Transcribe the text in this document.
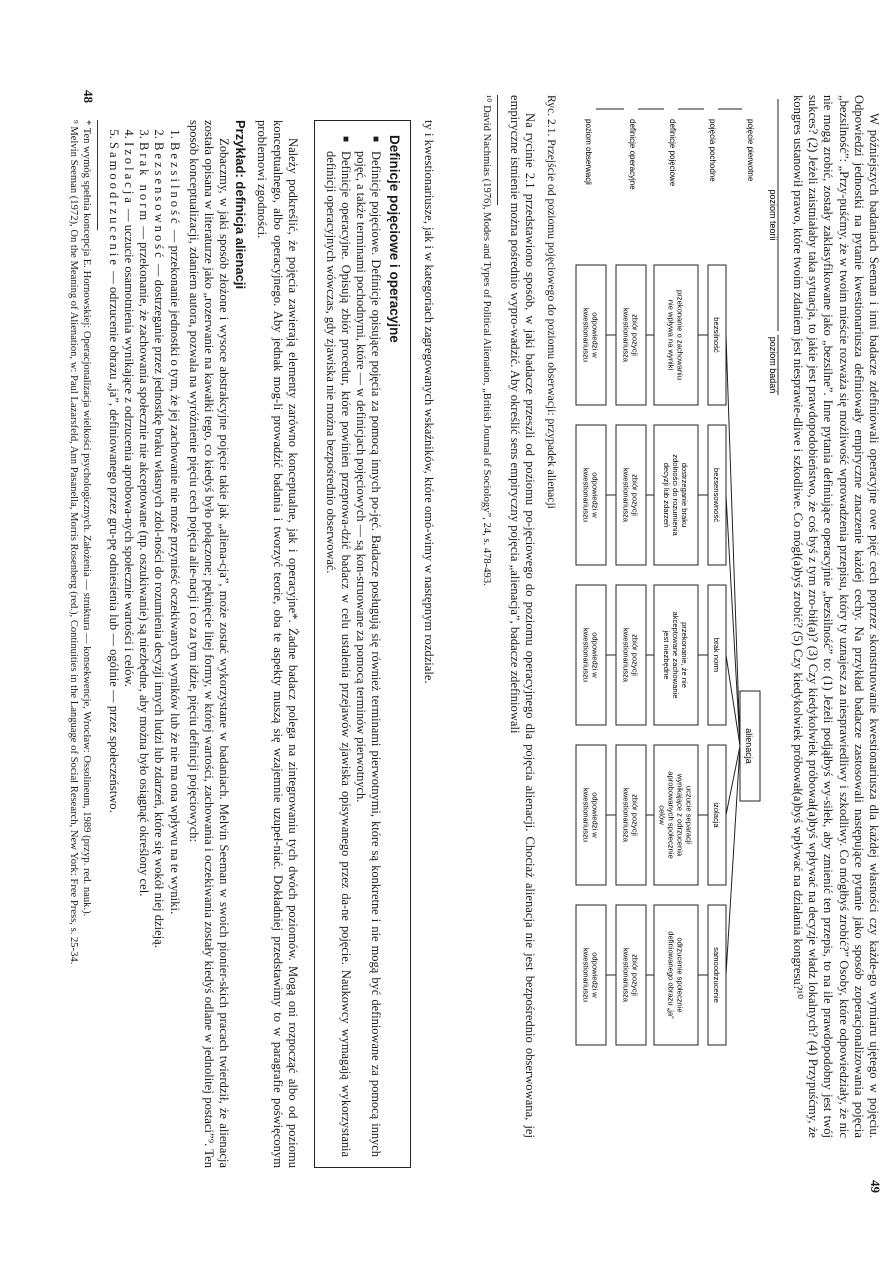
48

ty i kwestionariusze, jak i w kategoriach zagregowanych wskaźników, które omó-wimy w następnym rozdziale.

Definicje pojęciowe i operacyjne
■ Definicje pojęciowe. Definicje opisujące pojęcia za pomocą innych po-jęć. Badacze posługują się również terminami pierwotnymi, które są konkretne i nie mogą być definiowane za pomocą innych pojęć, a także terminami pochodnymi, które — w definicjach pojęciowych — są kon-struowane za pomocą terminów pierwotnych.
■ Definicje operacyjne. Opisują zbiór procedur, które powinien przeprowa-dzić badacz w celu ustalenia przejawów zjawiska opisywanego przez da-ne pojęcie. Naukowcy wymagają wykorzystania definicji operacyjnych wówczas, gdy zjawiska nie można bezpośrednio obserwować.

Należy podkreślić, że pojęcia zawierają elementy zarówno konceptualne, jak i operacyjne*. Żadne badacz polega na zintegrowaniu tych dwóch poziomów. Mogą oni rozpocząć albo od poziomu konceptualnego, albo operacyjnego. Aby jednak mog-li prowadzić badania i tworzyć teorie, oba te aspekty muszą się wzajemnie uzupeł-niać. Dokładniej przedstawimy to w paragrafie poświęconym problemowi zgodności.

Przykład: definicja alienacji

Zobaczmy, w jaki sposób złożone i wysoce abstrakcyjne pojęcie takie jak „aliena-cja”, może zostać wykorzystane w badaniach. Melvin Seeman w swoich pionier-skich pracach twierdził, że alienacja została opisana w literaturze jako „rozerwanie na kawałki tego, co kiedyś było połączone; pęknięcie litej formy, w której wartości, zachowania i oczekiwania zostały kiedyś odlane w jednolitej postaci”⁹. Ten sposób konceptualizacji, zdaniem autora, pozwala na wyróżnienie pięciu cech pojęcia alie-nacji i co za tym idzie, pięciu definicji pojęciowych:

1. Bezsilność — przekonanie jednostki o tym, że jej zachowanie nie może przynieść oczekiwanych wyników lub że nie ma ona wpływu na te wyniki.
2. Bezsensowność — dostrzeganie przez jednostkę braku własnych zdol-ności do rozumienia decyzji innych ludzi lub zdarzeń, które się wokół niej dzieją.
3. Brak norm — przekonanie, że zachowania społecznie nie akceptowane (np. oszukiwanie) są niezbędne, aby można było osiągnąć określony cel.
4. Izolacja — uczucie osamotnienia wynikające z odrzucenia aprobowa-nych społecznie wartości i celów.
5. Samoodrzucenie — odrzucenie obrazu „ja”, definiowanego przez gru-pę odniesienia lub — ogólnie — przez społeczeństwo.

* Ten wymóg spełnia koncepcja E. Hornowskiej: Operacjonalizacja wielkości psychologicznych. Założenia — struktura — konsekwencje, Wrocław: Ossolineum, 1989 (przyp. red. nauk.).

⁹ Melvin Seeman (1972), On the Meaning of Alienation, w: Paul Lazarsfeld, Ann Pasanella, Morris Rosenberg (red.), Continuities in the Language of Social Research, New York: Free Press, s. 25-34.

49

W późniejszych badaniach Seeman i inni badacze zdefiniowali operacyjne owe pięć cech poprzez skonstruowanie kwestionariusza dla każdej własności czy każde-go wymiaru ujętego w pojęciu. Odpowiedzi jednostki na pytanie kwestionariusza definiowały empiryczne znaczenie każdej cechy. Na przykład badacze zastosowali następujące pytanie jako sposób zoperacjonalizowania pojęcia „bezsilność”: „Przy-puśćmy, że w twoim mieście rozważa się możliwość wprowadzenia przepisu, który ty uznajesz za niesprawiedliwy i szkodliwy. Co mógłbyś zrobić?” Osoby, które odpowiedziały, że nic nie mogą zrobić, zostały zaklasyfikowane jako „bezsilne”. Inne pytania definiujące operacyjnie „bezsilność” to: (1) Jeżeli podjąłbyś wy-siłek, aby zmienić ten przepis, to na ile prawdopodobny jest twój sukces? (2) Jeżeli zaistniałaby taka sytuacja, to jakie jest prawdopodobieństwo, że coś byś z tym zro-bił(a)? (3) Czy kiedykolwiek próbował(a)byś wpływać na decyzje władz lokalnych? (4) Przypuśćmy, że kongres ustanowił prawo, które twoim zdaniem jest niesprawie-dliwe i szkodliwe. Co mógł(a)byś zrobić? (5) Czy kiedykolwiek próbował(a)byś wpływać na działania kongresu?¹⁰

poziom teorii
poziom badań
pojęcie pierwotne
pojęcia pochodne
definicje pojęciowe
definicje operacyjne
poziom obserwacji
alienacja
bezsilność
przekonanie o zachowaniunie wpływa na wyniki
zbiór pozycjikwestionariusza
odpowiedzi wkwestionariuszu
bezsensowność
dostrzeganie brakuzdolności do rozumieniadecyzji lub zdarzeń
zbiór pozycjikwestionariusza
odpowiedzi wkwestionariuszu
brak norm
przekonanie, że nieakceptowane zachowaniejest niezbędne
zbiór pozycjikwestionariusza
odpowiedzi wkwestionariuszu
izolacja
uczucie separacjiwynikające z odrzuceniaaprobowanych społeczniecelów
zbiór pozycjikwestionariusza
odpowiedzi wkwestionariuszu
samoodrzucenie
odrzucenie społeczniedefiniowanego obrazu „ja”
zbiór pozycjikwestionariusza
odpowiedzi wkwestionariuszu
Ryc. 2.1. Przejście od poziomu pojęciowego do poziomu obserwacji: przypadek alienacji

Na rycinie 2.1 przedstawiono sposób, w jaki badacze przeszli od poziomu po-jęciowego do poziomu operacyjnego dla pojęcia alienacji. Chociaż alienacja nie jest bezpośrednio obserwowana, jej empiryczne istnienie można pośrednio wypro-wadzić. Aby określić sens empiryczny pojęcia „alienacja”, badacze zdefiniowali

¹⁰ David Nachmias (1976), Modes and Types of Political Alienation, „British Journal of Sociology”, 24, s. 478-493.
